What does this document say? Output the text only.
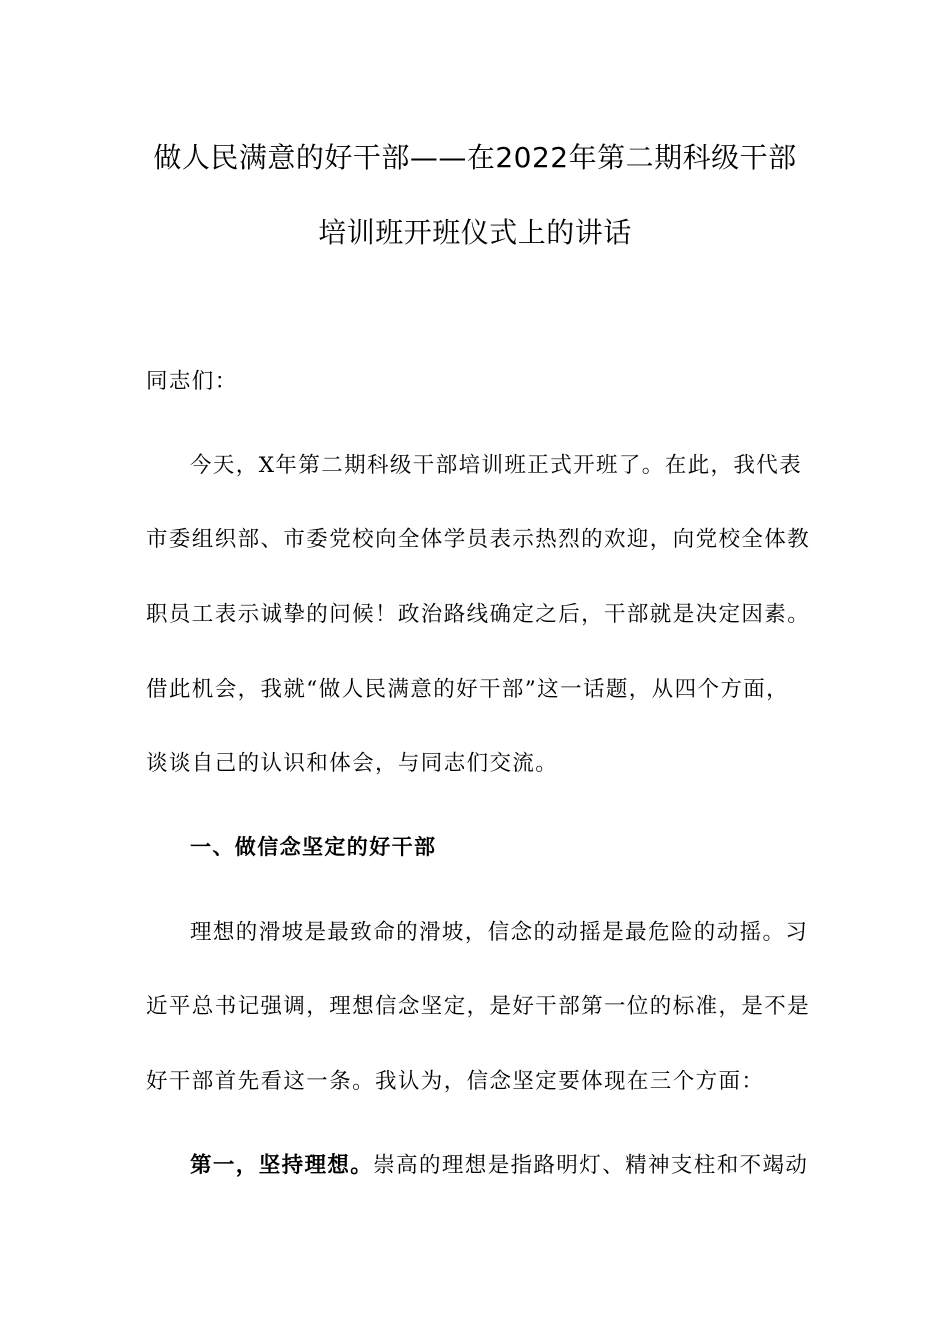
做人民满意的好干部——在2022年第二期科级干部
培训班开班仪式上的讲话
同志们：
今天，X年第二期科级干部培训班正式开班了。在此，我代表
市委组织部、市委党校向全体学员表示热烈的欢迎，向党校全体教
职员工表示诚挚的问候！政治路线确定之后，干部就是决定因素。
借此机会，我就“做人民满意的好干部”这一话题，从四个方面，
谈谈自己的认识和体会，与同志们交流。
一、做信念坚定的好干部
理想的滑坡是最致命的滑坡，信念的动摇是最危险的动摇。习
近平总书记强调，理想信念坚定，是好干部第一位的标准，是不是
好干部首先看这一条。我认为，信念坚定要体现在三个方面：
第一，坚持理想。崇高的理想是指路明灯、精神支柱和不竭动
